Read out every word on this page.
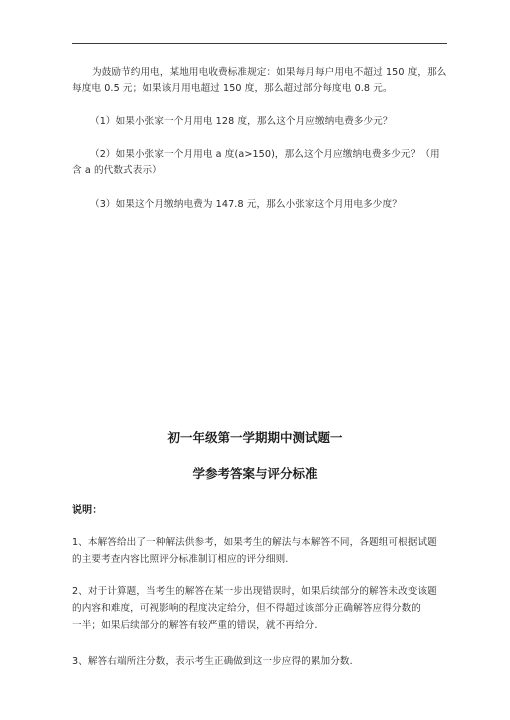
为鼓励节约用电，某地用电收费标准规定：如果每月每户用电不超过 150 度，那么
每度电 0.5 元；如果该月用电超过 150 度，那么超过部分每度电 0.8 元。
（1）如果小张家一个月用电 128 度，那么这个月应缴纳电费多少元？
（2）如果小张家一个月用电 a 度(a>150)，那么这个月应缴纳电费多少元？（用
含 a 的代数式表示）
（3）如果这个月缴纳电费为 147.8 元，那么小张家这个月用电多少度？
初一年级第一学期期中测试题一
学参考答案与评分标准
说明：
1、本解答给出了一种解法供参考，如果考生的解法与本解答不同，各题组可根据试题
的主要考查内容比照评分标准制订相应的评分细则.
2、对于计算题，当考生的解答在某一步出现错误时，如果后续部分的解答未改变该题
的内容和难度，可视影响的程度决定给分，但不得超过该部分正确解答应得分数的
一半；如果后续部分的解答有较严重的错误，就不再给分.
3、解答右端所注分数，表示考生正确做到这一步应得的累加分数.
